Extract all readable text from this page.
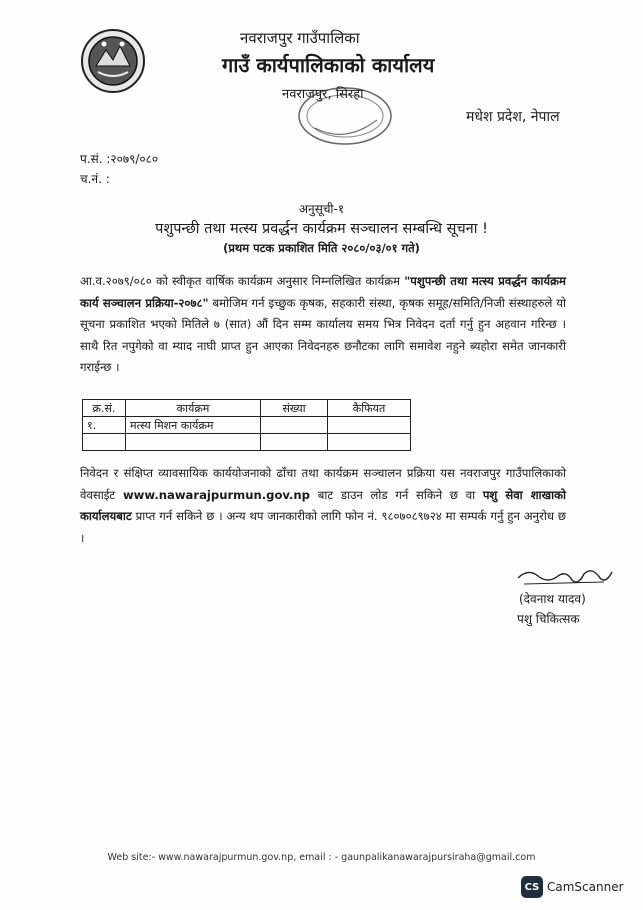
नवराजपुर गाउँपालिका
गाउँ कार्यपालिकाको कार्यालय
नवराजपुर, सिरहा
मधेश प्रदेश, नेपाल
प.सं. :२०७९/०८०
च.नं. :
अनुसूची-१
पशुपन्छी तथा मत्स्य प्रवर्द्धन कार्यक्रम सञ्चालन सम्बन्धि सूचना !
(प्रथम पटक प्रकाशित मिति २०८०/०३/०१ गते)
आ.व.२०७९/०८० को स्वीकृत वार्षिक कार्यक्रम अनुसार निम्नलिखित कार्यक्रम "पशुपन्छी तथा मत्स्य प्रवर्द्धन कार्यक्रम कार्य सञ्चालन प्रक्रिया-२०७८" बमोजिम गर्न इच्छुक कृषक, सहकारी संस्था, कृषक समूह/समिति/निजी संस्थाहरुले यो सूचना प्रकाशित भएको मितिले ७ (सात) औं दिन सम्म कार्यालय समय भित्र निवेदन दर्ता गर्नु हुन अहवान गरिन्छ । साथै रित नपुगेको वा म्याद नाघी प्राप्त हुन आएका निवेदनहरु छनौटका लागि समावेश नहुने ब्यहोरा समेत जानकारी गराईन्छ ।
क्र.सं.	कार्यक्रम	संख्या	कैफियत
१.	मत्स्य मिशन कार्यक्रम		

निवेदन र संक्षिप्त व्यावसायिक कार्ययोजनाको ढाँचा तथा कार्यक्रम सञ्चालन प्रक्रिया यस नवराजपुर गाउँपालिकाको वेवसाईट www.nawarajpurmun.gov.np बाट डाउन लोड गर्न सकिने छ वा पशु सेवा शाखाको कार्यालयबाट प्राप्त गर्न सकिने छ । अन्य थप जानकारीको लागि फोन नं. ९८०७०८९७२४ मा सम्पर्क गर्नु हुन अनुरोध छ ।
(देवनाथ यादव)
पशु चिकित्सक
Web site:- www.nawarajpurmun.gov.np, email : - gaunpalikanawarajpursiraha@gmail.com
CS CamScanner
